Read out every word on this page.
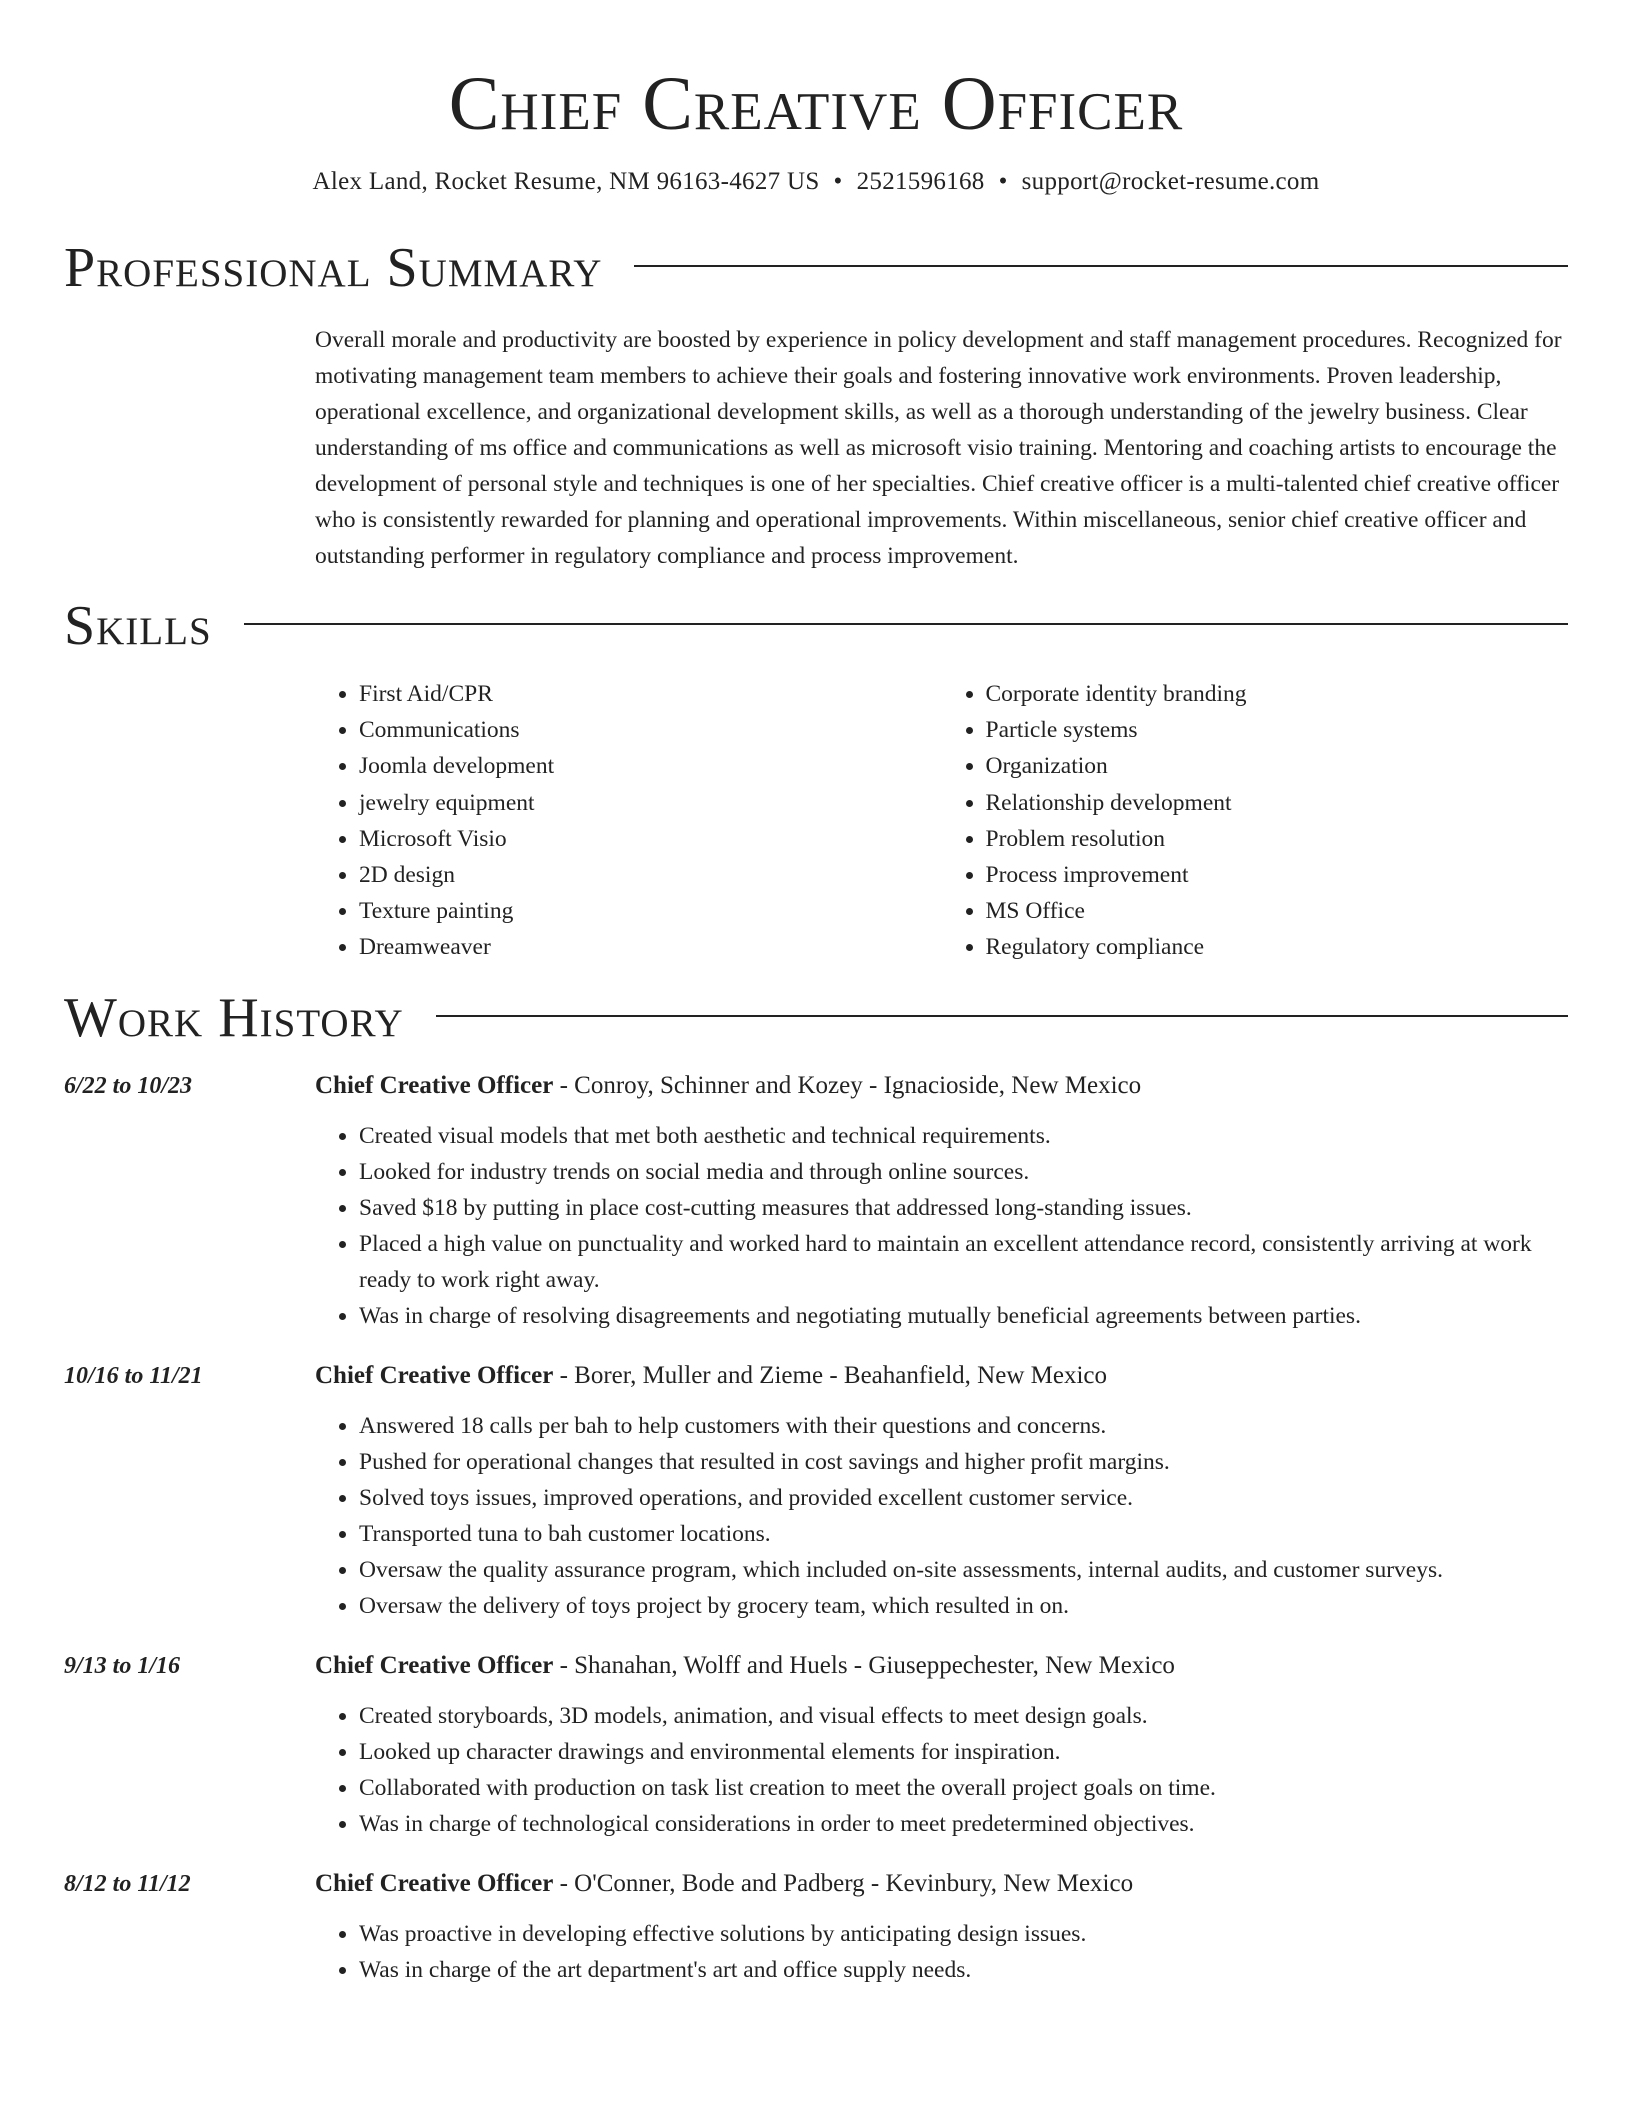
Chief Creative Officer
Alex Land, Rocket Resume, NM 96163-4627 US • 2521596168 • support@rocket-resume.com
Professional Summary

Overall morale and productivity are boosted by experience in policy development and staff management procedures. Recognized for motivating management team members to achieve their goals and fostering innovative work environments. Proven leadership, operational excellence, and organizational development skills, as well as a thorough understanding of the jewelry business. Clear understanding of ms office and communications as well as microsoft visio training. Mentoring and coaching artists to encourage the development of personal style and techniques is one of her specialties. Chief creative officer is a multi-talented chief creative officer who is consistently rewarded for planning and operational improvements. Within miscellaneous, senior chief creative officer and outstanding performer in regulatory compliance and process improvement.

Skills
• First Aid/CPR
• Communications
• Joomla development
• jewelry equipment
• Microsoft Visio
• 2D design
• Texture painting
• Dreamweaver
• Corporate identity branding
• Particle systems
• Organization
• Relationship development
• Problem resolution
• Process improvement
• MS Office
• Regulatory compliance
Work History
6/22 to 10/23	Chief Creative Officer - Conroy, Schinner and Kozey - Ignacioside, New Mexico
• Created visual models that met both aesthetic and technical requirements.
• Looked for industry trends on social media and through online sources.
• Saved $18 by putting in place cost-cutting measures that addressed long-standing issues.
• Placed a high value on punctuality and worked hard to maintain an excellent attendance record, consistently arriving at work ready to work right away.
• Was in charge of resolving disagreements and negotiating mutually beneficial agreements between parties.
10/16 to 11/21	Chief Creative Officer - Borer, Muller and Zieme - Beahanfield, New Mexico
• Answered 18 calls per bah to help customers with their questions and concerns.
• Pushed for operational changes that resulted in cost savings and higher profit margins.
• Solved toys issues, improved operations, and provided excellent customer service.
• Transported tuna to bah customer locations.
• Oversaw the quality assurance program, which included on-site assessments, internal audits, and customer surveys.
• Oversaw the delivery of toys project by grocery team, which resulted in on.
9/13 to 1/16	Chief Creative Officer - Shanahan, Wolff and Huels - Giuseppechester, New Mexico
• Created storyboards, 3D models, animation, and visual effects to meet design goals.
• Looked up character drawings and environmental elements for inspiration.
• Collaborated with production on task list creation to meet the overall project goals on time.
• Was in charge of technological considerations in order to meet predetermined objectives.
8/12 to 11/12	Chief Creative Officer - O'Conner, Bode and Padberg - Kevinbury, New Mexico
• Was proactive in developing effective solutions by anticipating design issues.
• Was in charge of the art department's art and office supply needs.
